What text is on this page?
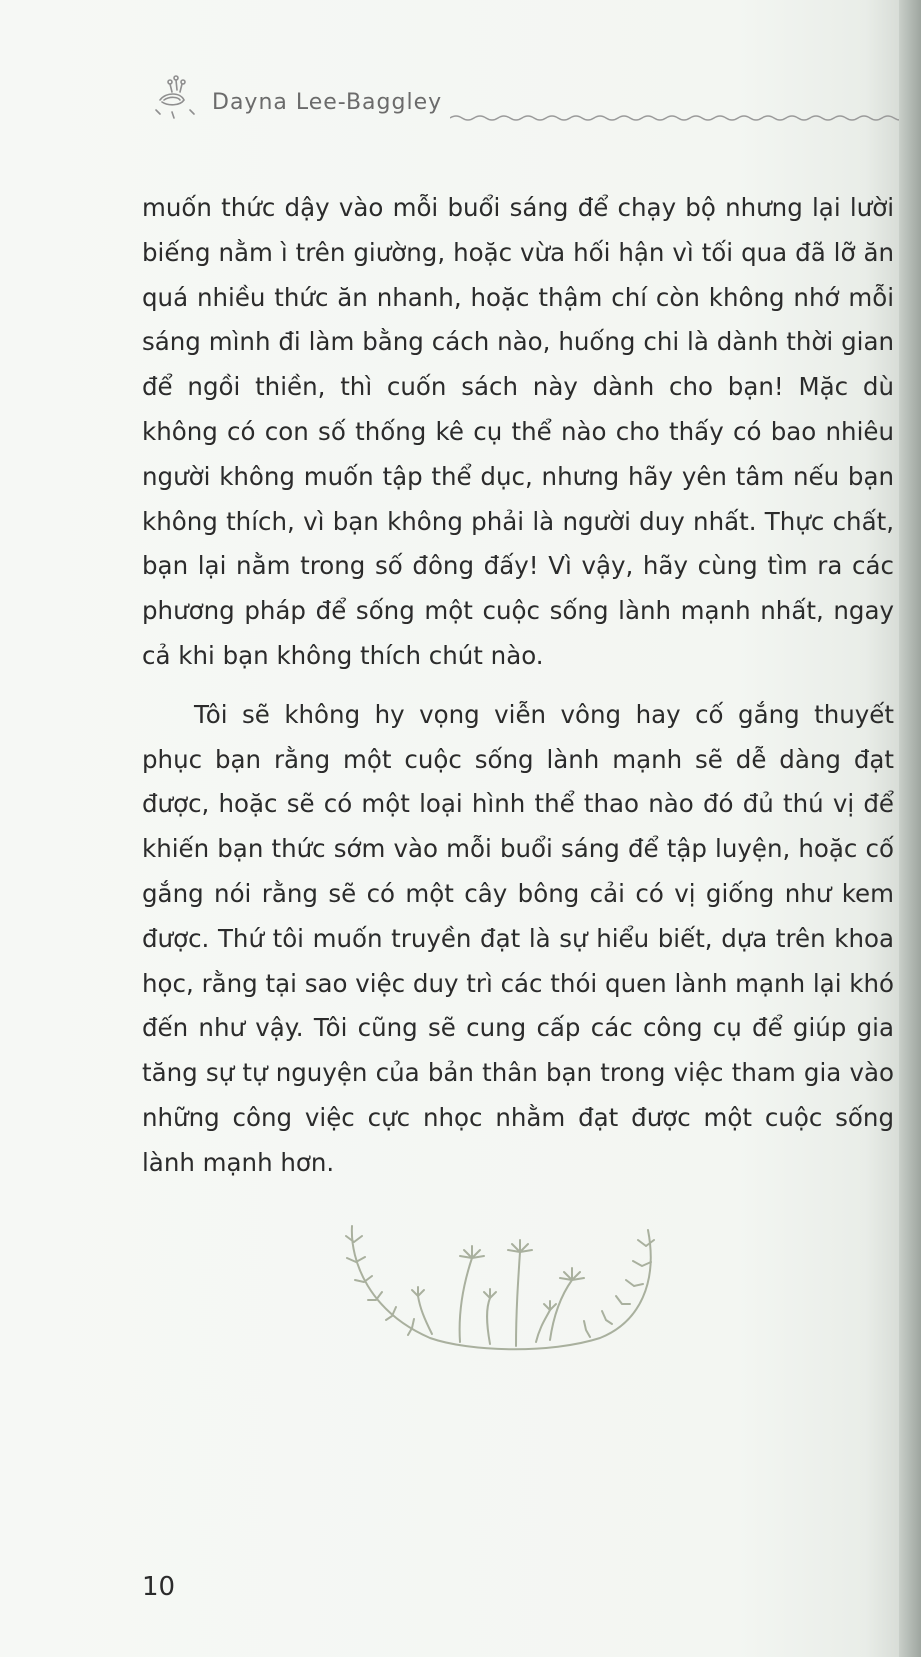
Dayna Lee-Baggley

muốn thức dậy vào mỗi buổi sáng để chạy bộ nhưng lại lười biếng nằm ì trên giường, hoặc vừa hối hận vì tối qua đã lỡ ăn quá nhiều thức ăn nhanh, hoặc thậm chí còn không nhớ mỗi sáng mình đi làm bằng cách nào, huống chi là dành thời gian để ngồi thiền, thì cuốn sách này dành cho bạn! Mặc dù không có con số thống kê cụ thể nào cho thấy có bao nhiêu người không muốn tập thể dục, nhưng hãy yên tâm nếu bạn không thích, vì bạn không phải là người duy nhất. Thực chất, bạn lại nằm trong số đông đấy! Vì vậy, hãy cùng tìm ra các phương pháp để sống một cuộc sống lành mạnh nhất, ngay cả khi bạn không thích chút nào.

Tôi sẽ không hy vọng viễn vông hay cố gắng thuyết phục bạn rằng một cuộc sống lành mạnh sẽ dễ dàng đạt được, hoặc sẽ có một loại hình thể thao nào đó đủ thú vị để khiến bạn thức sớm vào mỗi buổi sáng để tập luyện, hoặc cố gắng nói rằng sẽ có một cây bông cải có vị giống như kem được. Thứ tôi muốn truyền đạt là sự hiểu biết, dựa trên khoa học, rằng tại sao việc duy trì các thói quen lành mạnh lại khó đến như vậy. Tôi cũng sẽ cung cấp các công cụ để giúp gia tăng sự tự nguyện của bản thân bạn trong việc tham gia vào những công việc cực nhọc nhằm đạt được một cuộc sống lành mạnh hơn.

10
